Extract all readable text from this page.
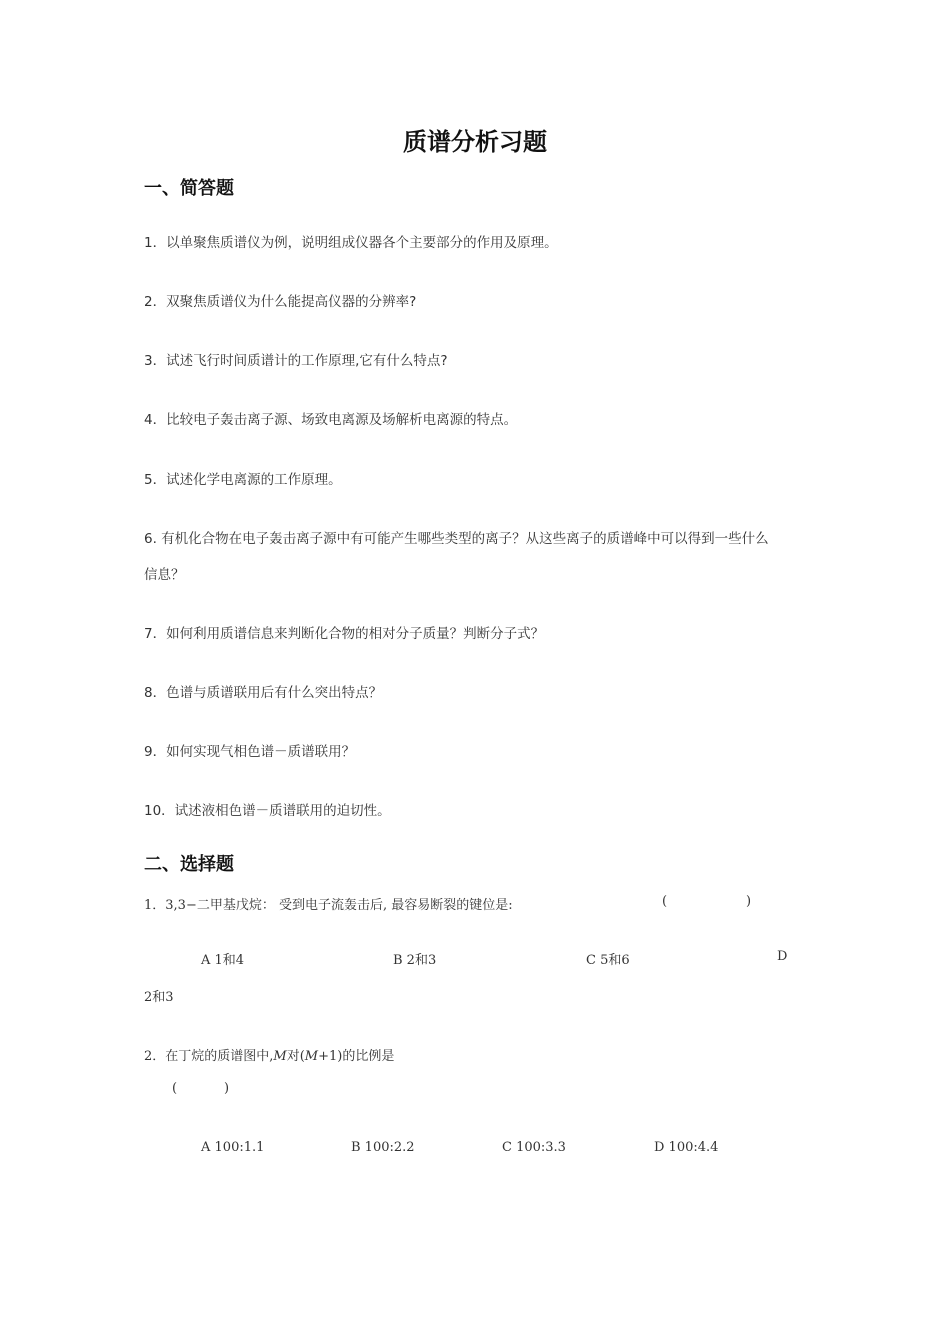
质谱分析习题
一、简答题
1．以单聚焦质谱仪为例，说明组成仪器各个主要部分的作用及原理。
2．双聚焦质谱仪为什么能提高仪器的分辨率?
3．试述飞行时间质谱计的工作原理,它有什么特点?
4．比较电子轰击离子源、场致电离源及场解析电离源的特点。
5．试述化学电离源的工作原理。
6. 有机化合物在电子轰击离子源中有可能产生哪些类型的离子？从这些离子的质谱峰中可以得到一些什么
信息？
7．如何利用质谱信息来判断化合物的相对分子质量？判断分子式？
8．色谱与质谱联用后有什么突出特点？
9．如何实现气相色谱－质谱联用？
10．试述液相色谱－质谱联用的迫切性。
二、选择题
1．3,3−二甲基戊烷： 受到电子流轰击后, 最容易断裂的键位是:	(	)
A 1和4	B 2和3	C 5和6	D
2和3
2．在丁烷的质谱图中,M对(M+1)的比例是
(	)
A 100:1.1	B 100:2.2	C 100:3.3	D 100:4.4
